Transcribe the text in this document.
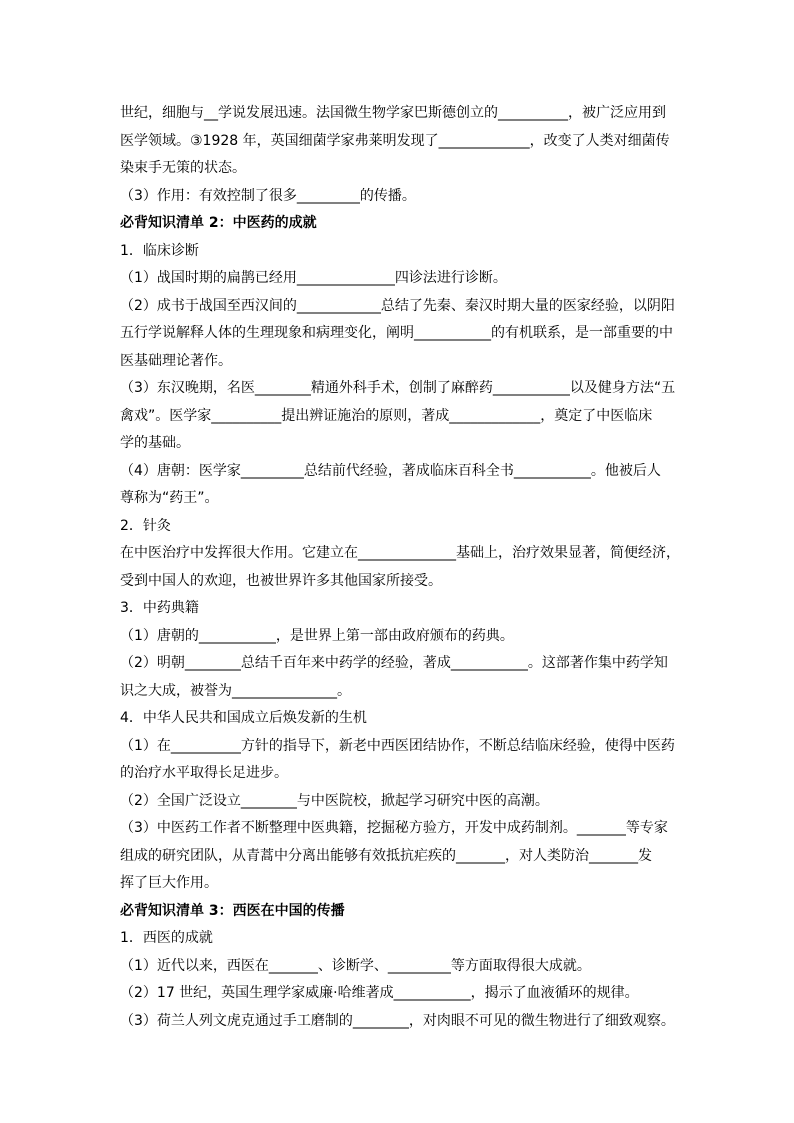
世纪，细胞与__学说发展迅速。法国微生物学家巴斯德创立的__________，被广泛应用到
医学领域。③1928 年，英国细菌学家弗莱明发现了_____________，改变了人类对细菌传
染束手无策的状态。
（3）作用：有效控制了很多_________的传播。
必背知识清单 2：中医药的成就
1．临床诊断
（1）战国时期的扁鹊已经用______________四诊法进行诊断。
（2）成书于战国至西汉间的____________总结了先秦、秦汉时期大量的医家经验，以阴阳
五行学说解释人体的生理现象和病理变化，阐明___________的有机联系，是一部重要的中
医基础理论著作。
（3）东汉晚期，名医________精通外科手术，创制了麻醉药___________以及健身方法“五
禽戏”。医学家__________提出辨证施治的原则，著成_____________，奠定了中医临床
学的基础。
（4）唐朝：医学家_________总结前代经验，著成临床百科全书___________。他被后人
尊称为“药王”。
2．针灸
在中医治疗中发挥很大作用。它建立在______________基础上，治疗效果显著，简便经济，
受到中国人的欢迎，也被世界许多其他国家所接受。
3．中药典籍
（1）唐朝的___________，是世界上第一部由政府颁布的药典。
（2）明朝________总结千百年来中药学的经验，著成___________。这部著作集中药学知
识之大成，被誉为_______________。
4．中华人民共和国成立后焕发新的生机
（1）在__________方针的指导下，新老中西医团结协作，不断总结临床经验，使得中医药
的治疗水平取得长足进步。
（2）全国广泛设立________与中医院校，掀起学习研究中医的高潮。
（3）中医药工作者不断整理中医典籍，挖掘秘方验方，开发中成药制剂。_______等专家
组成的研究团队，从青蒿中分离出能够有效抵抗疟疾的_______，对人类防治_______发
挥了巨大作用。
必背知识清单 3：西医在中国的传播
1．西医的成就
（1）近代以来，西医在_______、诊断学、_________等方面取得很大成就。
（2）17 世纪，英国生理学家威廉·哈维著成___________，揭示了血液循环的规律。
（3）荷兰人列文虎克通过手工磨制的________，对肉眼不可见的微生物进行了细致观察。
